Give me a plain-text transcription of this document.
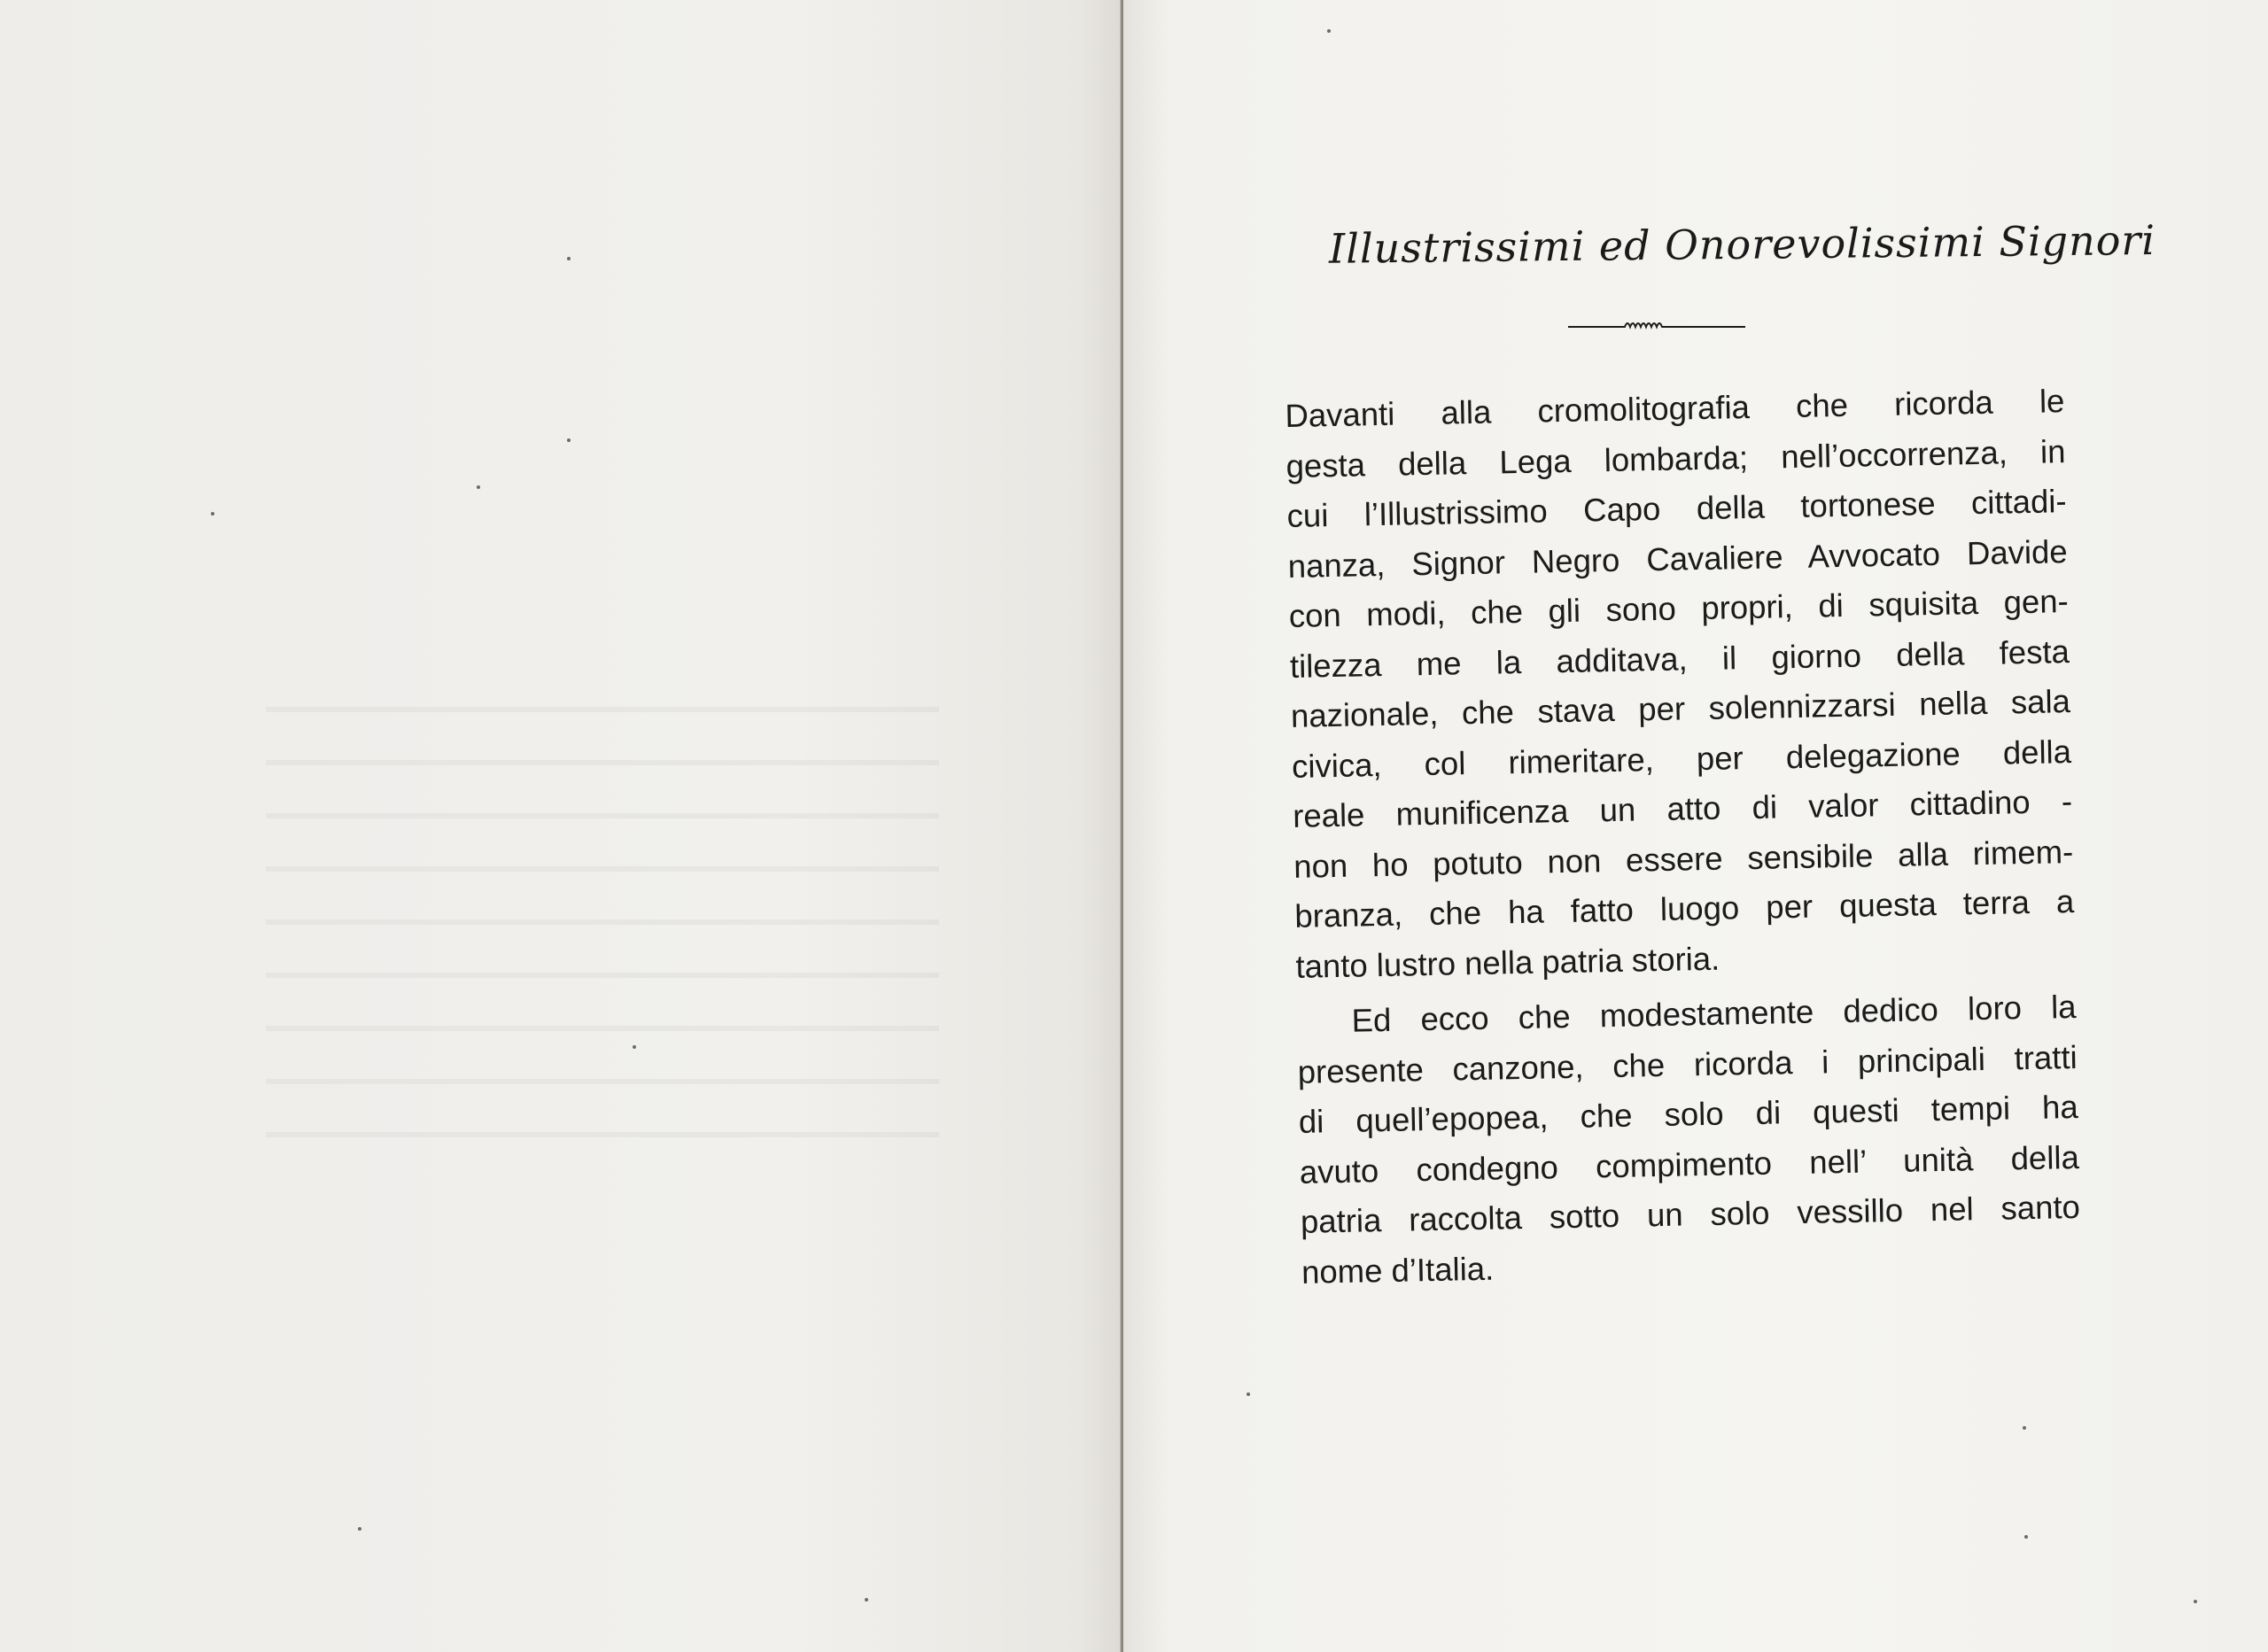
Illustrissimi ed Onorevolissimi Signori
Davanti alla cromolitografia che ricorda le
gesta della Lega lombarda; nell’occorrenza, in
cui l’Illustrissimo Capo della tortonese cittadi-
nanza, Signor Negro Cavaliere Avvocato Davide
con modi, che gli sono propri, di squisita gen-
tilezza me la additava, il giorno della festa
nazionale, che stava per solennizzarsi nella sala
civica, col rimeritare, per delegazione della
reale munificenza un atto di valor cittadino -
non ho potuto non essere sensibile alla rimem-
branza, che ha fatto luogo per questa terra a
tanto lustro nella patria storia.
Ed ecco che modestamente dedico loro la
presente canzone, che ricorda i principali tratti
di quell’epopea, che solo di questi tempi ha
avuto condegno compimento nell’ unità della
patria raccolta sotto un solo vessillo nel santo
nome d’Italia.
